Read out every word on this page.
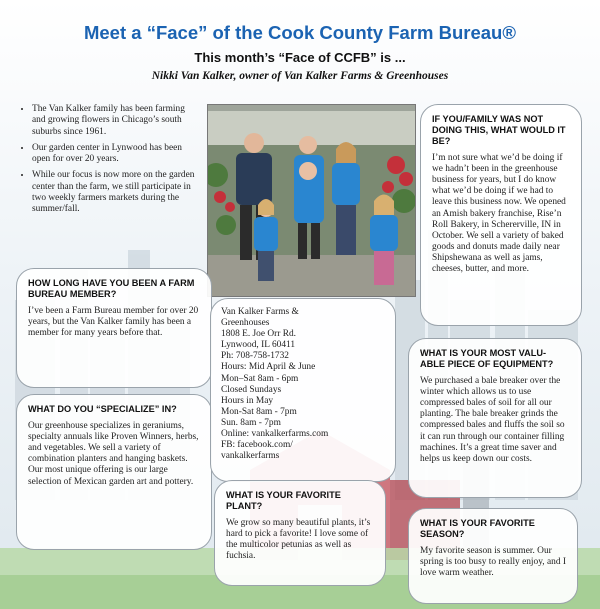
Meet a “Face” of the Cook County Farm Bureau®
This month’s “Face of CCFB” is ...
Nikki Van Kalker, owner of Van Kalker Farms & Greenhouses
• The Van Kalker family has been farming and growing flowers in Chicago’s south suburbs since 1961.
• Our garden center in Lynwood has been open for over 20 years.
• While our focus is now more on the garden center than the farm, we still participate in two weekly farmers markets during the summer/fall.
HOW LONG HAVE YOU BEEN A FARM BUREAU MEMBER?

I’ve been a Farm Bureau member for over 20 years, but the Van Kalker family has been a member for many years before that.

WHAT DO YOU “SPECIALIZE” IN?

Our greenhouse specializes in geraniums, specialty annuals like Proven Winners, herbs, and vegetables. We sell a variety of combination planters and hanging baskets. Our most unique offering is our large selection of Mexican garden art and pottery.

Van Kalker Farms &
Greenhouses
1808 E. Joe Orr Rd.
Lynwood, IL 60411
Ph: 708-758-1732
Hours: Mid April & June
Mon–Sat 8am - 6pm
Closed Sundays
Hours in May
Mon-Sat 8am - 7pm
Sun. 8am - 7pm
Online: vankalkerfarms.com
FB: facebook.com/
vankalkerfarms
WHAT IS YOUR FAVORITE PLANT?

We grow so many beautiful plants, it’s hard to pick a favorite! I love some of the multicolor petunias as well as fuchsia.

IF YOU/FAMILY WAS NOT DOING THIS, WHAT WOULD IT BE?

I’m not sure what we’d be doing if we hadn’t been in the greenhouse business for years, but I do know what we’d be doing if we had to leave this business now. We opened an Amish bakery franchise, Rise’n Roll Bakery, in Schererville, IN in October. We sell a variety of baked goods and donuts made daily near Shipshewana as well as jams, cheeses, butter, and more.

WHAT IS YOUR MOST VALU-ABLE PIECE OF EQUIPMENT?

We purchased a bale breaker over the winter which allows us to use compressed bales of soil for all our planting. The bale breaker grinds the compressed bales and fluffs the soil so it can run through our container filling machines. It’s a great time saver and helps us keep down our costs.

WHAT IS YOUR FAVORITE SEASON?

My favorite season is summer. Our spring is too busy to really enjoy, and I love warm weather.
